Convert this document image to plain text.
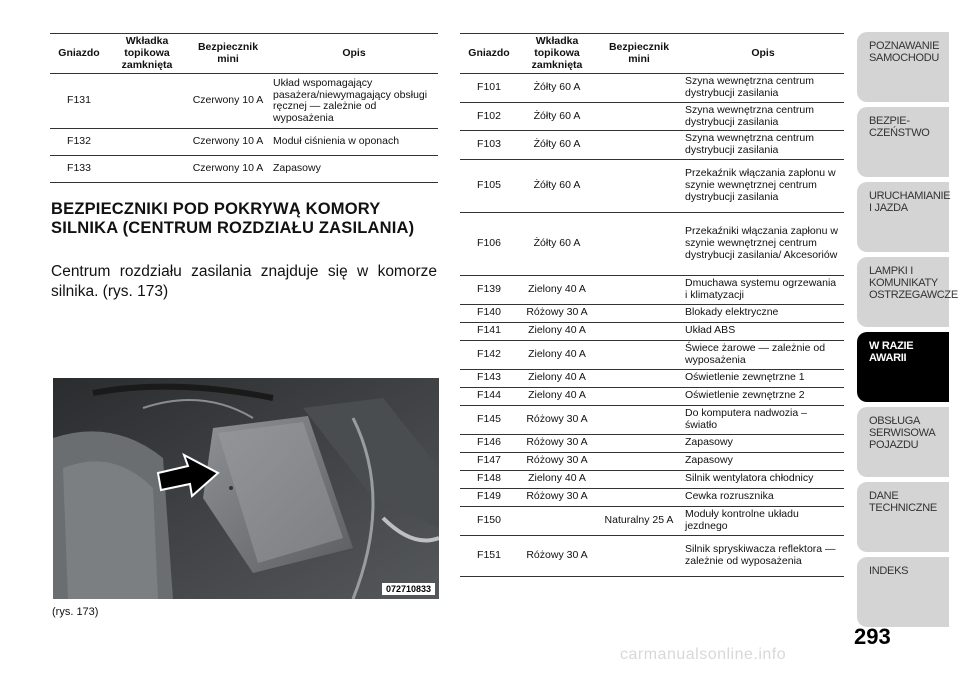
Gniazdo	Wkładka topikowa zamknięta	Bezpiecznik mini	Opis
F131		Czerwony 10 A	Układ wspomagający pasażera/niewymagający obsługi ręcznej — zależnie od wyposażenia
F132		Czerwony 10 A	Moduł ciśnienia w oponach
F133		Czerwony 10 A	Zapasowy
BEZPIECZNIKI POD POKRYWĄ KOMORY SILNIKA (CENTRUM ROZDZIAŁU ZASILANIA)

Centrum rozdziału zasilania znajduje się w komorze silnika. (rys. 173)

072710833
(rys. 173)
Gniazdo	Wkładka topikowa zamknięta	Bezpiecznik mini	Opis
F101	Żółty 60 A		Szyna wewnętrzna centrum dystrybucji zasilania
F102	Żółty 60 A		Szyna wewnętrzna centrum dystrybucji zasilania
F103	Żółty 60 A		Szyna wewnętrzna centrum dystrybucji zasilania
F105	Żółty 60 A		Przekaźnik włączania zapłonu w szynie wewnętrznej centrum dystrybucji zasilania
F106	Żółty 60 A		Przekaźniki włączania zapłonu w szynie wewnętrznej centrum dystrybucji zasilania/ Akcesoriów
F139	Zielony 40 A		Dmuchawa systemu ogrzewania i klimatyzacji
F140	Różowy 30 A		Blokady elektryczne
F141	Zielony 40 A		Układ ABS
F142	Zielony 40 A		Świece żarowe — zależnie od wyposażenia
F143	Zielony 40 A		Oświetlenie zewnętrzne 1
F144	Zielony 40 A		Oświetlenie zewnętrzne 2
F145	Różowy 30 A		Do komputera nadwozia – światło
F146	Różowy 30 A		Zapasowy
F147	Różowy 30 A		Zapasowy
F148	Zielony 40 A		Silnik wentylatora chłodnicy
F149	Różowy 30 A		Cewka rozrusznika
F150		Naturalny 25 A	Moduły kontrolne układu jezdnego
F151	Różowy 30 A		Silnik spryskiwacza reflektora — zależnie od wyposażenia
POZNAWANIE
SAMOCHODU
BEZPIE-
CZEŃSTWO
URUCHAMIANIE
I JAZDA
LAMPKI I
KOMUNIKATY
OSTRZEGAWCZE
W RAZIE
AWARII
OBSŁUGA
SERWISOWA
POJAZDU
DANE
TECHNICZNE
INDEKS
293
carmanualsonline.info
